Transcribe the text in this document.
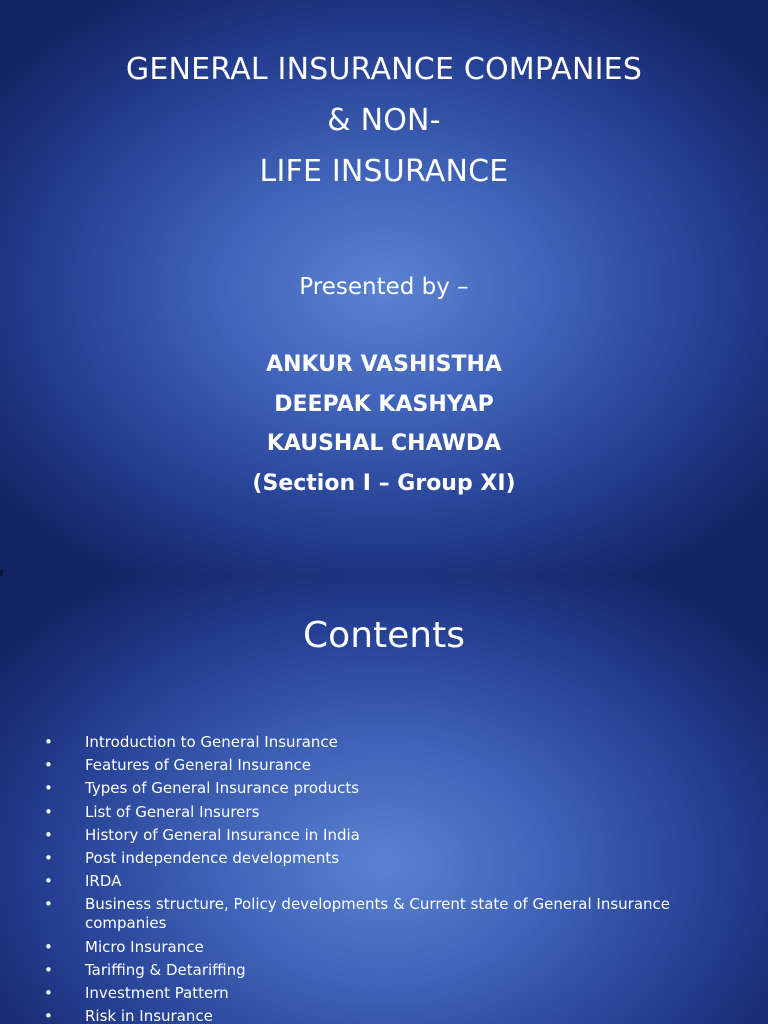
GENERAL INSURANCE COMPANIES
& NON-
LIFE INSURANCE
Presented by –
ANKUR VASHISTHA
DEEPAK KASHYAP
KAUSHAL CHAWDA
(Section I – Group XI)
Contents
• Introduction to General Insurance
• Features of General Insurance
• Types of General Insurance products
• List of General Insurers
• History of General Insurance in India
• Post independence developments
• IRDA
• Business structure, Policy developments & Current state of General Insurance companies
• Micro Insurance
• Tariffing & Detariffing
• Investment Pattern
• Risk in Insurance
